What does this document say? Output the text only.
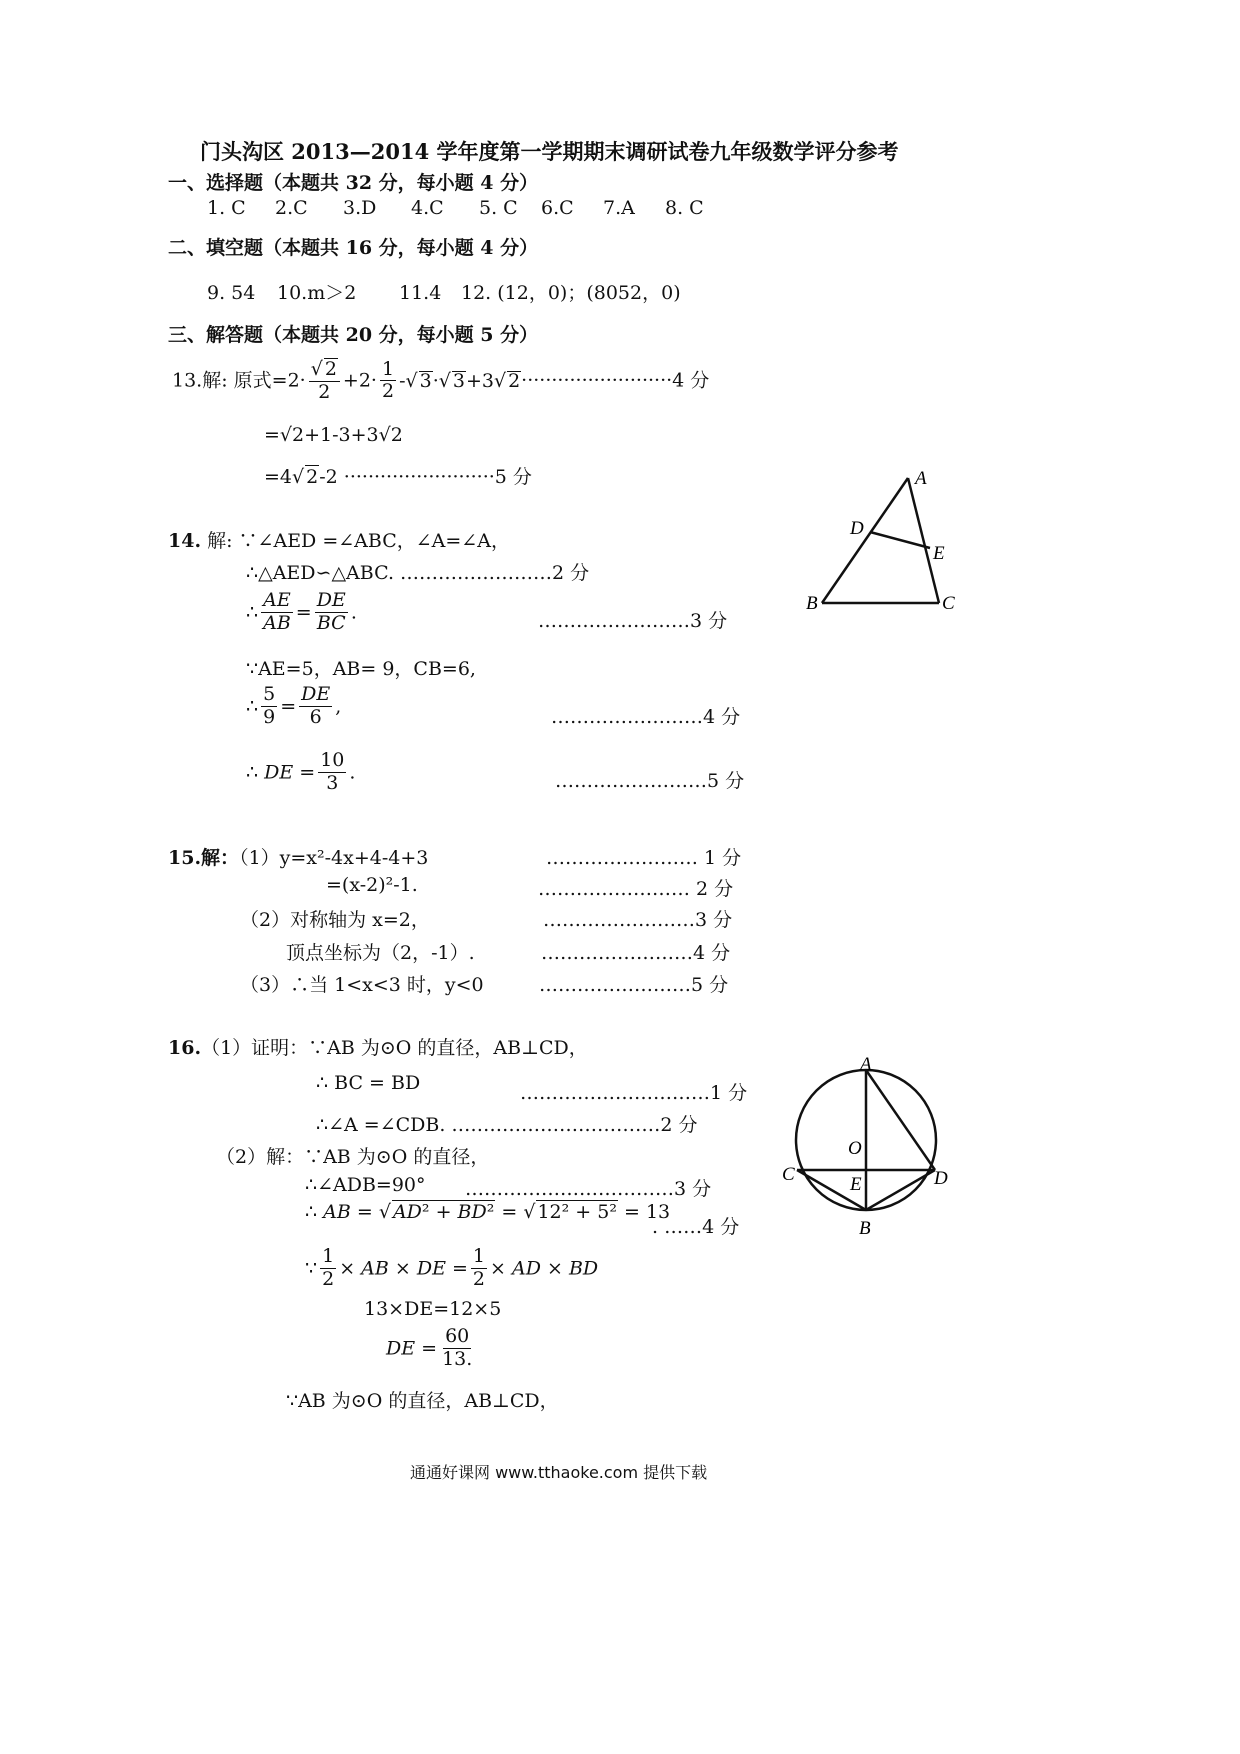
门头沟区 2013—2014 学年度第一学期期末调研试卷九年级数学评分参考
一、选择题（本题共 32 分，每小题 4 分）
1. C 2.C 3.D 4.C 5. C 6.C 7.A 8. C
二、填空题（本题共 16 分，每小题 4 分）
9. 54 10.m＞2 11.4 12. (12，0)；(8052，0)
三、解答题（本题共 20 分，每小题 5 分）
13.解: 原式$=2\cdot \frac{√ 2}{2} +2\cdot \frac{1}{2}$ -√ 3·√ 3+3√ 2·························4 分
=√2+1-3+3√2
=4√ 2-2 ·························5 分
14. 解: ∵∠AED =∠ABC，∠A=∠A，
∴△AED∽△ABC. ……………………2 分
∴ $\frac{AE}{AB} = \frac{DE}{BC}$ .	……………………3 分
∵AE=5，AB= 9，CB=6,
∴ $\frac{5}{9} = \frac{DE}{6}$ ,	……………………4 分
∴ DE = $\frac{10}{3}$ .	……………………5 分
A
D
E
B	C
15.解：（1）y=x²-4x+4-4+3	…………………… 1 分
=(x-2)²-1.	…………………… 2 分
（2）对称轴为 x=2，	……………………3 分
顶点坐标为（2，-1）.	……………………4 分
（3）∴当 1<x<3 时，y<0	……………………5 分
16.（1）证明：∵AB 为⊙O 的直径，AB⊥CD，
∴ BC = BD	…………………………1 分
∴∠A =∠CDB. ……………………………2 分
（2）解：∵AB 为⊙O 的直径，
∴∠ADB=90° ……………………………3 分
∴ AB = √ AD² + BD² = √ 12² + 5² = 13
. ……4 分
∵ $\frac{1}{2}$ × AB × DE = $\frac{1}{2}$ × AD × BD
13×DE=12×5
DE = $\frac{60}{13.}$
∵AB 为⊙O 的直径，AB⊥CD，
A
O
C	E	D
B
通通好课网 www.tthaoke.com 提供下载
